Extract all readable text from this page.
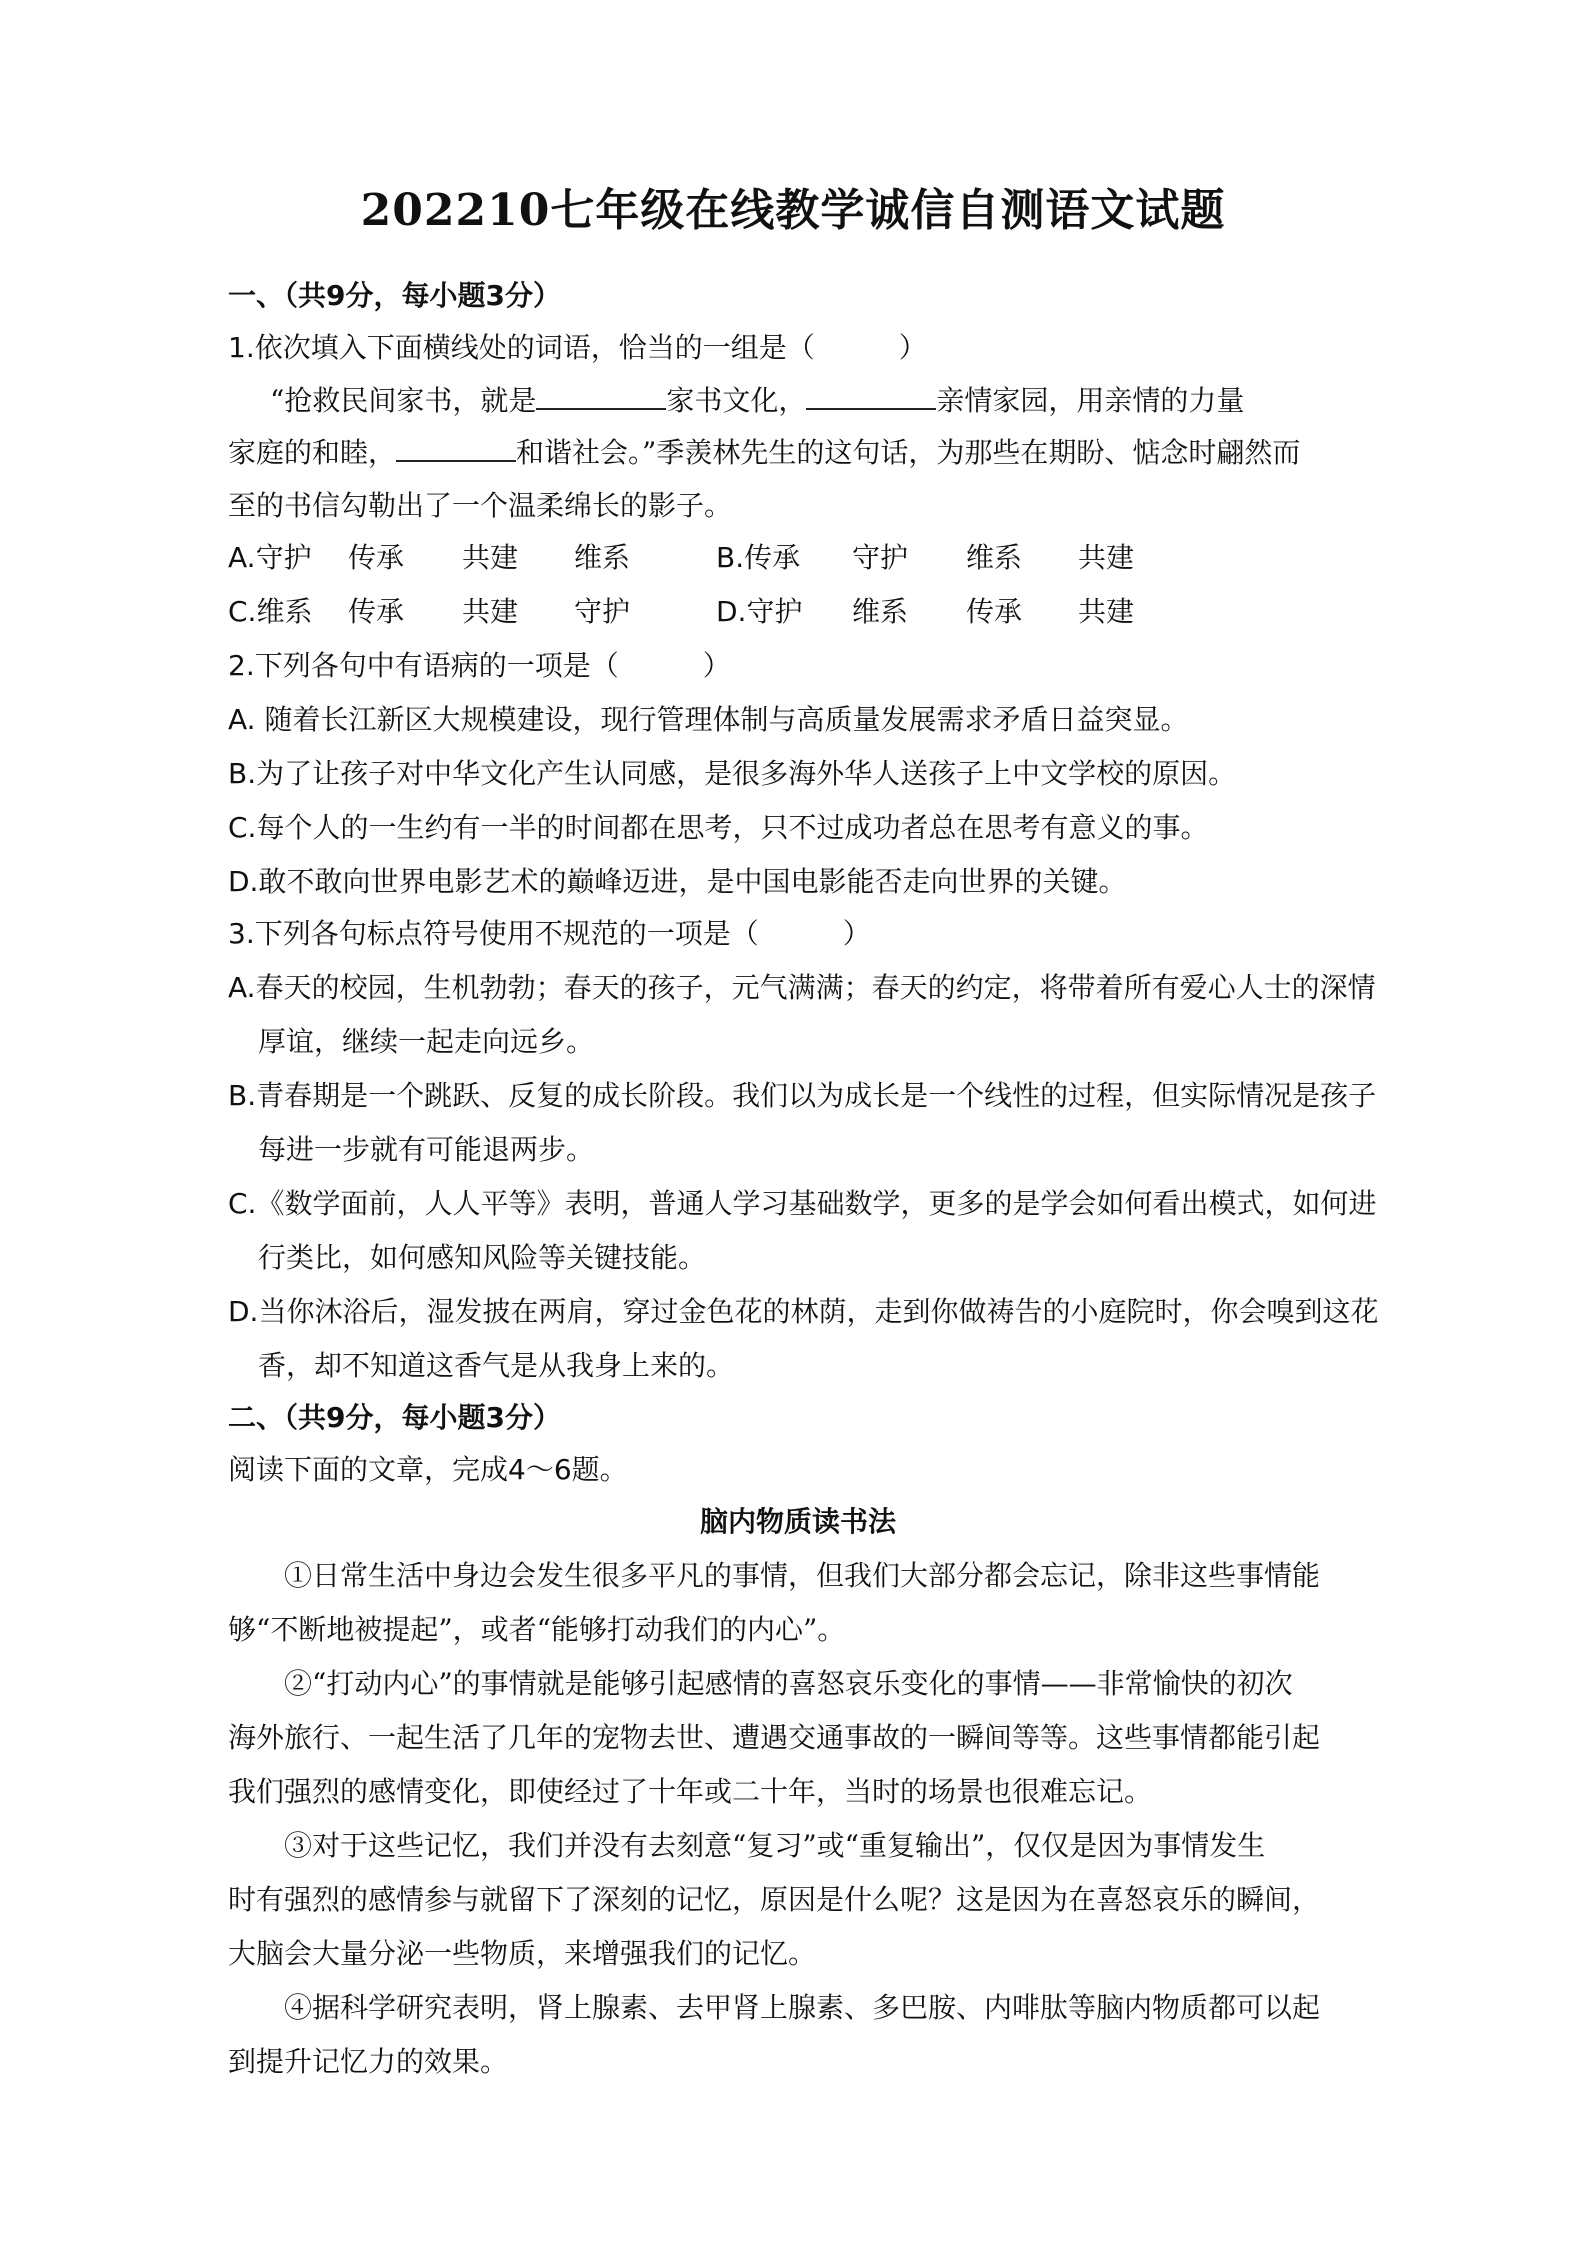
202210七年级在线教学诚信自测语文试题
一、（共9分，每小题3分）
1.依次填入下面横线处的词语，恰当的一组是（　　　）
“抢救民间家书，就是	家书文化，	亲情家园，用亲情的力量
家庭的和睦，	和谐社会。”季羡林先生的这句话，为那些在期盼、惦念时翩然而
至的书信勾勒出了一个温柔绵长的影子。
A.守护 传承 共建 维系	B.传承 守护 维系 共建
C.维系 传承 共建 守护	D.守护 维系 传承 共建
2.下列各句中有语病的一项是（　　　）
A. 随着长江新区大规模建设，现行管理体制与高质量发展需求矛盾日益突显。
B.为了让孩子对中华文化产生认同感，是很多海外华人送孩子上中文学校的原因。
C.每个人的一生约有一半的时间都在思考，只不过成功者总在思考有意义的事。
D.敢不敢向世界电影艺术的巅峰迈进，是中国电影能否走向世界的关键。
3.下列各句标点符号使用不规范的一项是（　　　）
A.春天的校园，生机勃勃；春天的孩子，元气满满；春天的约定，将带着所有爱心人士的深情
厚谊，继续一起走向远乡。
B.青春期是一个跳跃、反复的成长阶段。我们以为成长是一个线性的过程，但实际情况是孩子
每进一步就有可能退两步。
C.《数学面前，人人平等》表明，普通人学习基础数学，更多的是学会如何看出模式，如何进
行类比，如何感知风险等关键技能。
D.当你沐浴后，湿发披在两肩，穿过金色花的林荫，走到你做祷告的小庭院时，你会嗅到这花
香，却不知道这香气是从我身上来的。
二、（共9分，每小题3分）
阅读下面的文章，完成4～6题。
脑内物质读书法
①日常生活中身边会发生很多平凡的事情，但我们大部分都会忘记，除非这些事情能
够“不断地被提起”，或者“能够打动我们的内心”。
②“打动内心”的事情就是能够引起感情的喜怒哀乐变化的事情——非常愉快的初次
海外旅行、一起生活了几年的宠物去世、遭遇交通事故的一瞬间等等。这些事情都能引起
我们强烈的感情变化，即使经过了十年或二十年，当时的场景也很难忘记。
③对于这些记忆，我们并没有去刻意“复习”或“重复输出”，仅仅是因为事情发生
时有强烈的感情参与就留下了深刻的记忆，原因是什么呢？这是因为在喜怒哀乐的瞬间，
大脑会大量分泌一些物质，来增强我们的记忆。
④据科学研究表明，肾上腺素、去甲肾上腺素、多巴胺、内啡肽等脑内物质都可以起
到提升记忆力的效果。
